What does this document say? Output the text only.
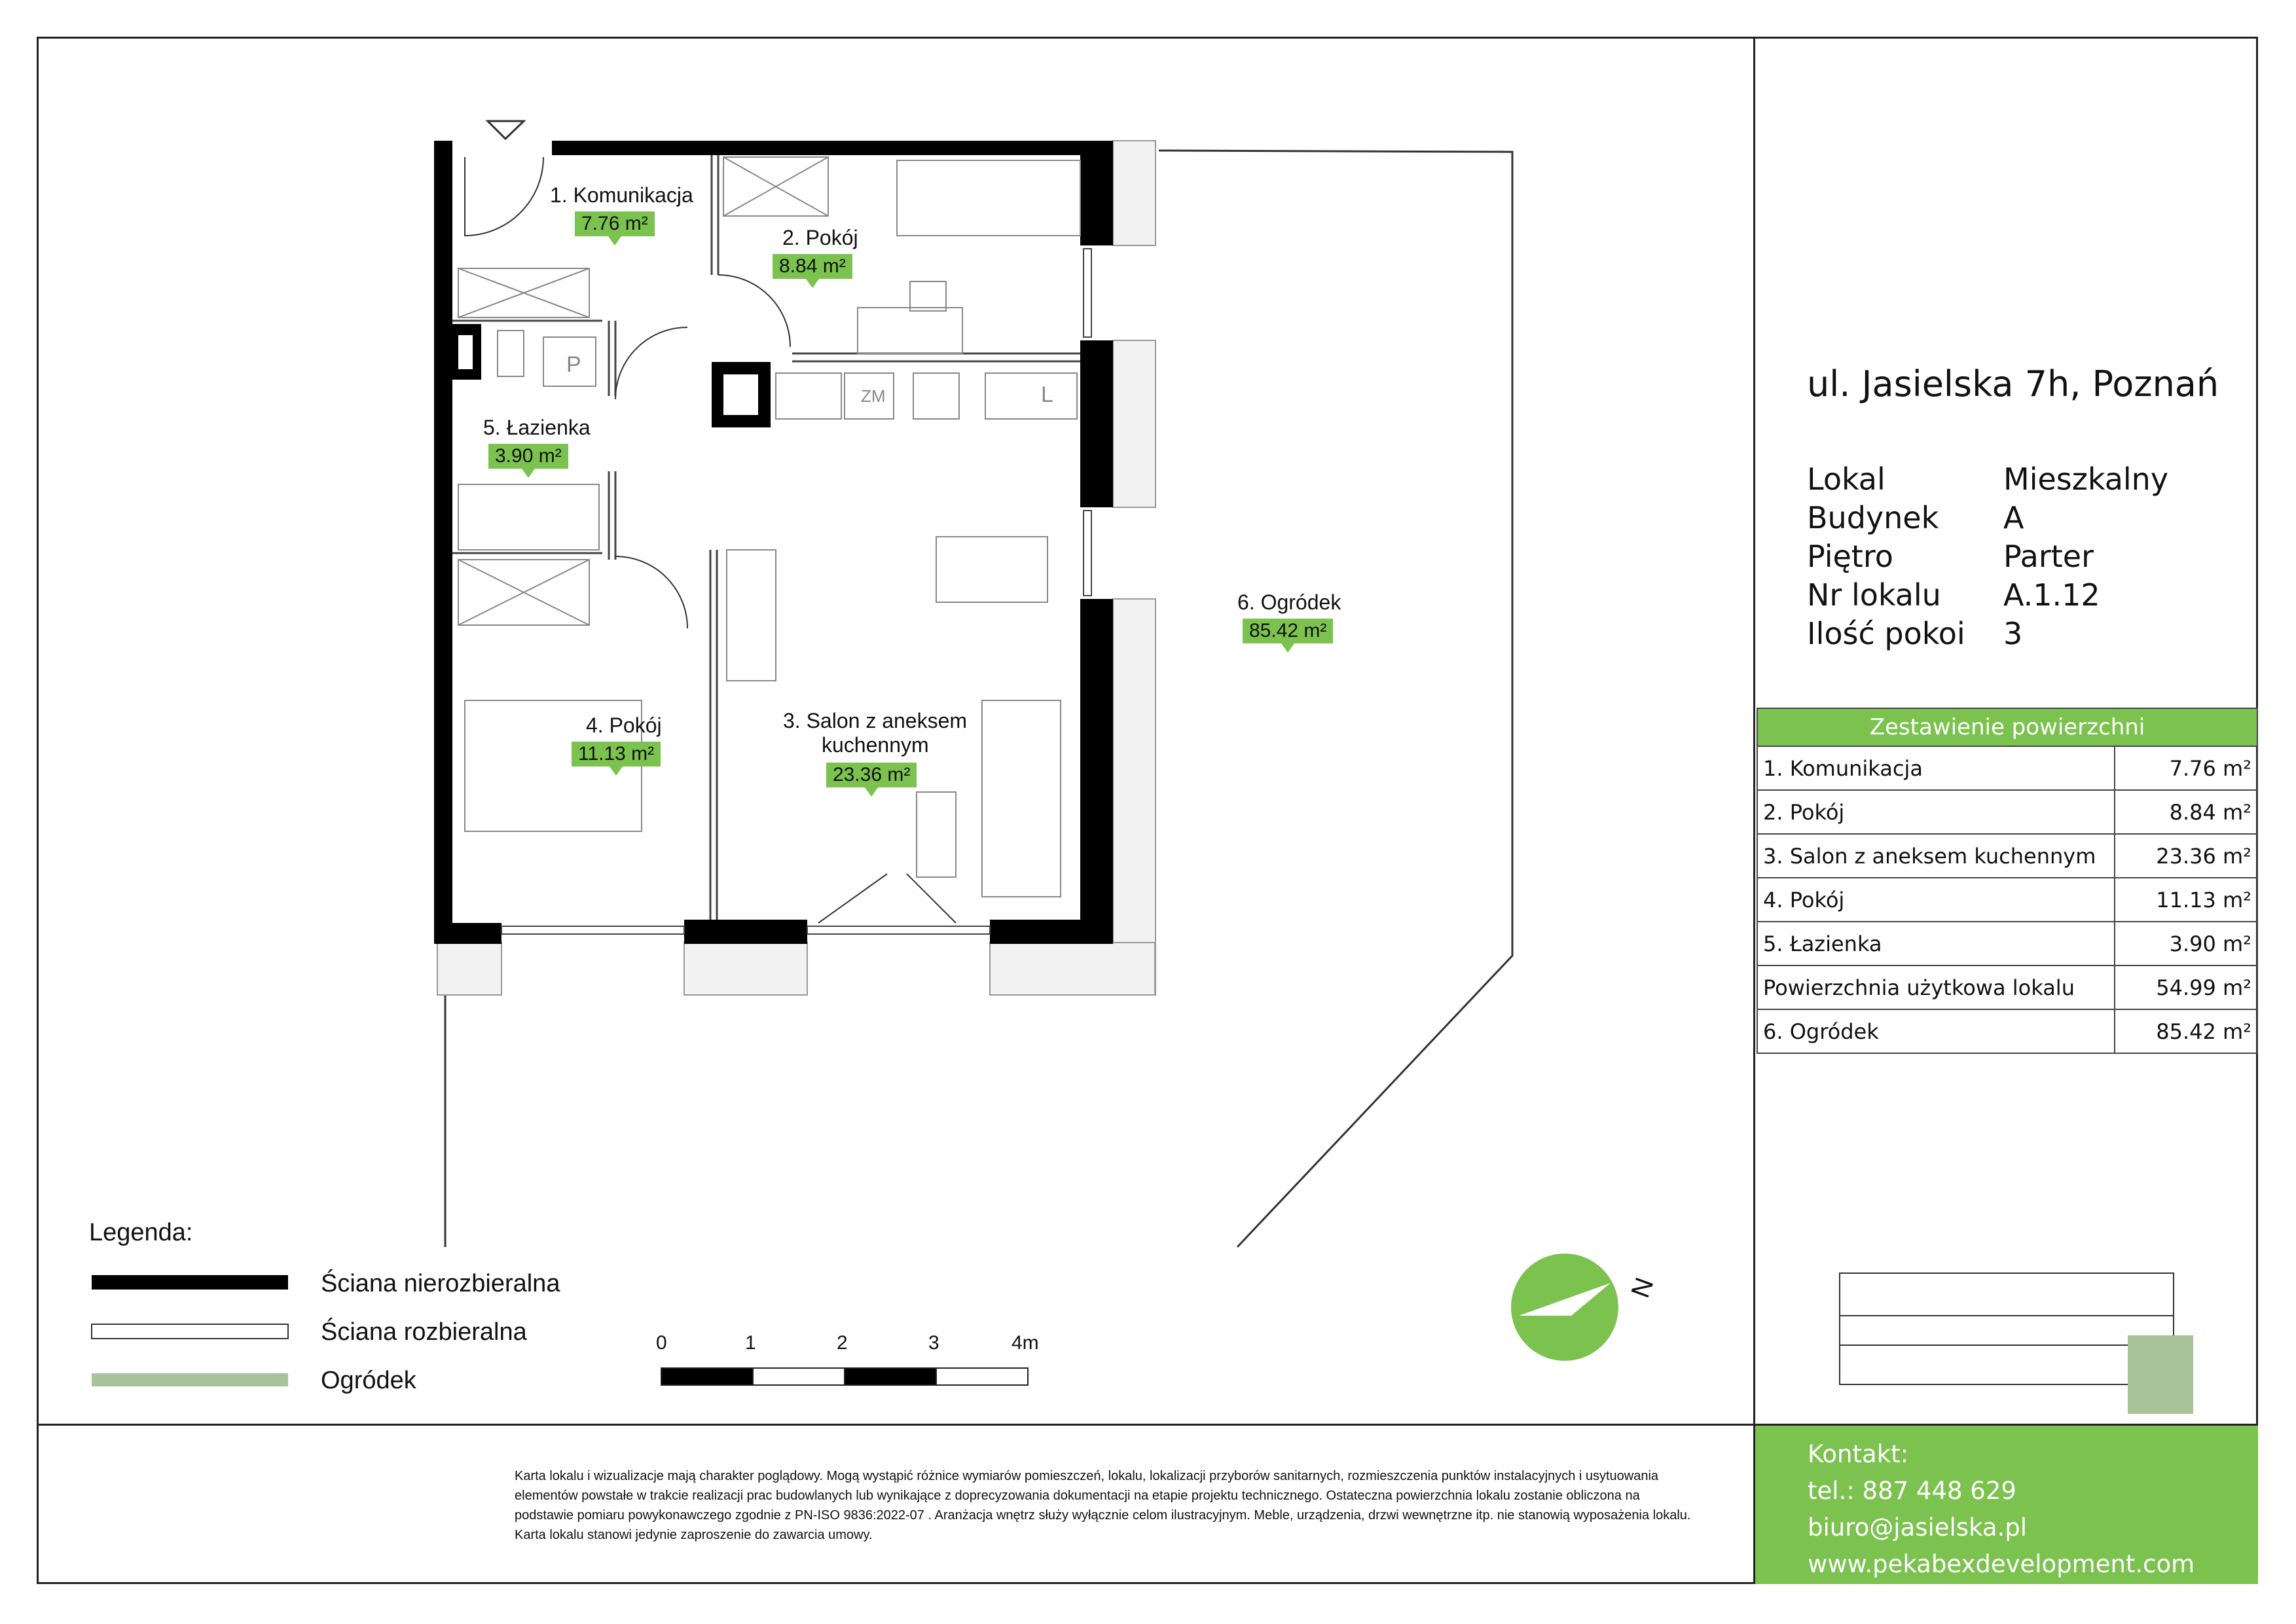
1. Komunikacja
7.76 m²
2. Pokój
8.84 m²
5. Łazienka
3.90 m²
4. Pokój
11.13 m²
3. Salon z aneksem
kuchennym
23.36 m²
6. Ogródek
85.42 m²
P
ZM	L	ul. Jasielska 7h, Poznań
Lokal	Mieszkalny
Budynek A
Piętro	Parter
Nr lokalu A.1.12
Ilość pokoi 3
Zestawienie powierzchni	
1. Komunikacja	7.76 m²
2. Pokój	8.84 m²
3. Salon z aneksem kuchennym	23.36 m²
4. Pokój	11.13 m²
5. Łazienka	3.90 m²
Powierzchnia użytkowa lokalu	54.99 m²
6. Ogródek	85.42 m²
Legenda:
Ściana nierozbieralna
Ściana rozbieralna
Ogródek
0	1	2	3	4m
N
Karta lokalu i wizualizacje mają charakter poglądowy. Mogą wystąpić różnice wymiarów pomieszczeń, lokalu, lokalizacji przyborów sanitarnych, rozmieszczenia punktów instalacyjnych i usytuowania elementów powstałe w trakcie realizacji prac budowlanych lub wynikające z doprecyzowania dokumentacji na etapie projektu technicznego. Ostateczna powierzchnia lokalu zostanie obliczona na podstawie pomiaru powykonawczego zgodnie z PN-ISO 9836:2022-07 . Aranżacja wnętrz służy wyłącznie celom ilustracyjnym. Meble, urządzenia, drzwi wewnętrzne itp. nie stanowią wyposażenia lokalu. Karta lokalu stanowi jedynie zaproszenie do zawarcia umowy.
Kontakt:
tel.: 887 448 629
biuro@jasielska.pl
www.pekabexdevelopment.com
